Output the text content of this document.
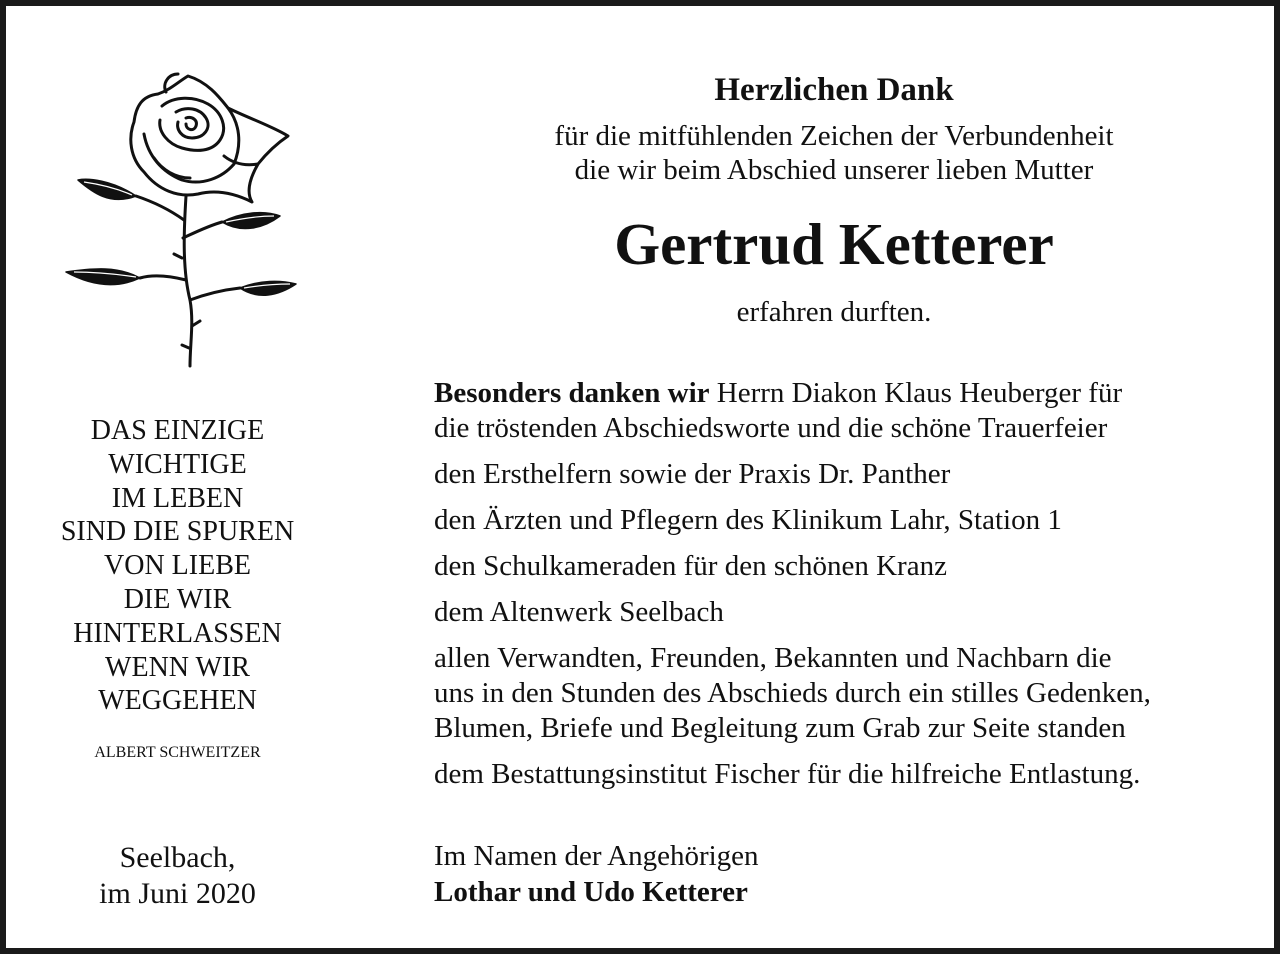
DAS EINZIGE
WICHTIGE
IM LEBEN
SIND DIE SPUREN
VON LIEBE
DIE WIR
HINTERLASSEN
WENN WIR
WEGGEHEN

ALBERT SCHWEITZER
Seelbach,
im Juni 2020
Herzlichen Dank
für die mitfühlenden Zeichen der Verbundenheit
die wir beim Abschied unserer lieben Mutter
Gertrud Ketterer
erfahren durften.
Besonders danken wir Herrn Diakon Klaus Heuberger für
die tröstenden Abschiedsworte und die schöne Trauerfeier
den Ersthelfern sowie der Praxis Dr. Panther
den Ärzten und Pflegern des Klinikum Lahr, Station 1
den Schulkameraden für den schönen Kranz
dem Altenwerk Seelbach
allen Verwandten, Freunden, Bekannten und Nachbarn die
uns in den Stunden des Abschieds durch ein stilles Gedenken,
Blumen, Briefe und Begleitung zum Grab zur Seite standen
dem Bestattungsinstitut Fischer für die hilfreiche Entlastung.
Im Namen der Angehörigen
Lothar und Udo Ketterer
